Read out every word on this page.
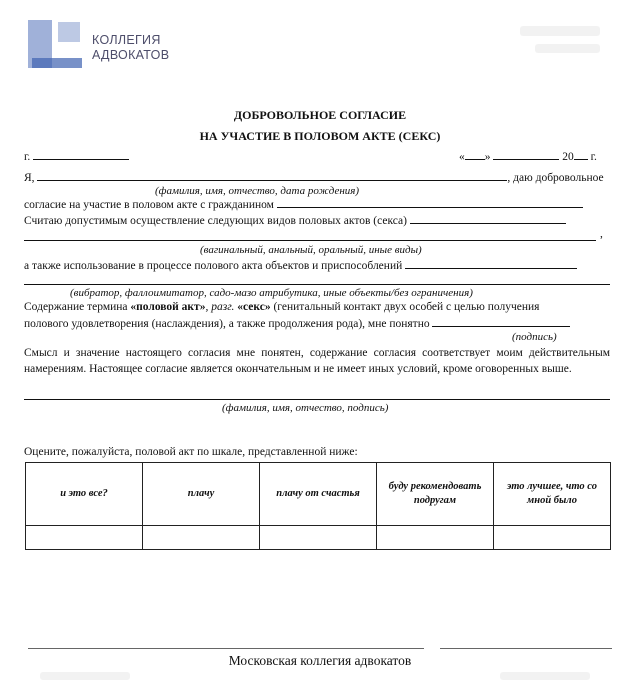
КОЛЛЕГИЯ
АДВОКАТОВ
ДОБРОВОЛЬНОЕ СОГЛАСИЕ
НА УЧАСТИЕ В ПОЛОВОМ АКТЕ (СЕКС)
г.	« »	20 г.
Я,	, даю добровольное
(фамилия, имя, отчество, дата рождения)
согласие на участие в половом акте с гражданином
Считаю допустимым осуществление следующих видов половых актов (секса)
,
(вагинальный, анальный, оральный, иные виды)
а также использование в процессе полового акта объектов и приспособлений
(вибратор, фаллоимитатор, садо-мазо атрибутика, иные объекты/без ограничения)
Содержание термина «половой акт», разг. «секс» (генитальный контакт двух особей с целью получения
полового удовлетворения (наслаждения), а также продолжения рода), мне понятно
(подпись)
Смысл и значение настоящего согласия мне понятен, содержание согласия соответствует моим действительным намерениям. Настоящее согласие является окончательным и не имеет иных условий, кроме оговоренных выше.
(фамилия, имя, отчество, подпись)
Оцените, пожалуйста, половой акт по шкале, представленной ниже:
и это все?	плачу	плачу от счастья	буду рекомендовать подругам	это лучшее, что со мной было

Московская коллегия адвокатов
